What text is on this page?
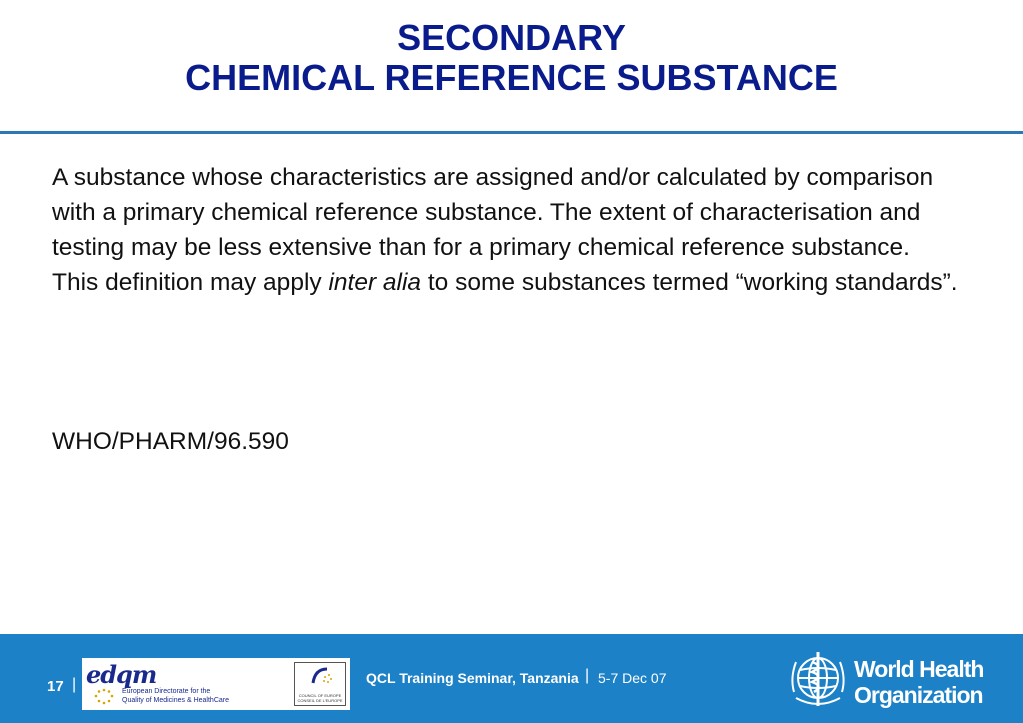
SECONDARY
CHEMICAL REFERENCE SUBSTANCE

A substance whose characteristics are assigned and/or calculated by comparison with a primary chemical reference substance. The extent of characterisation and testing may be less extensive than for a primary chemical reference substance. This definition may apply inter alia to some substances termed “working standards”.

WHO/PHARM/96.590

17 | edqm
European Directorate for the
Quality of Medicines & HealthCare
COUNCIL OF EUROPE CONSEIL DE L'EUROPE
QCL Training Seminar, Tanzania | 5-7 Dec 07	World Health
Organization
